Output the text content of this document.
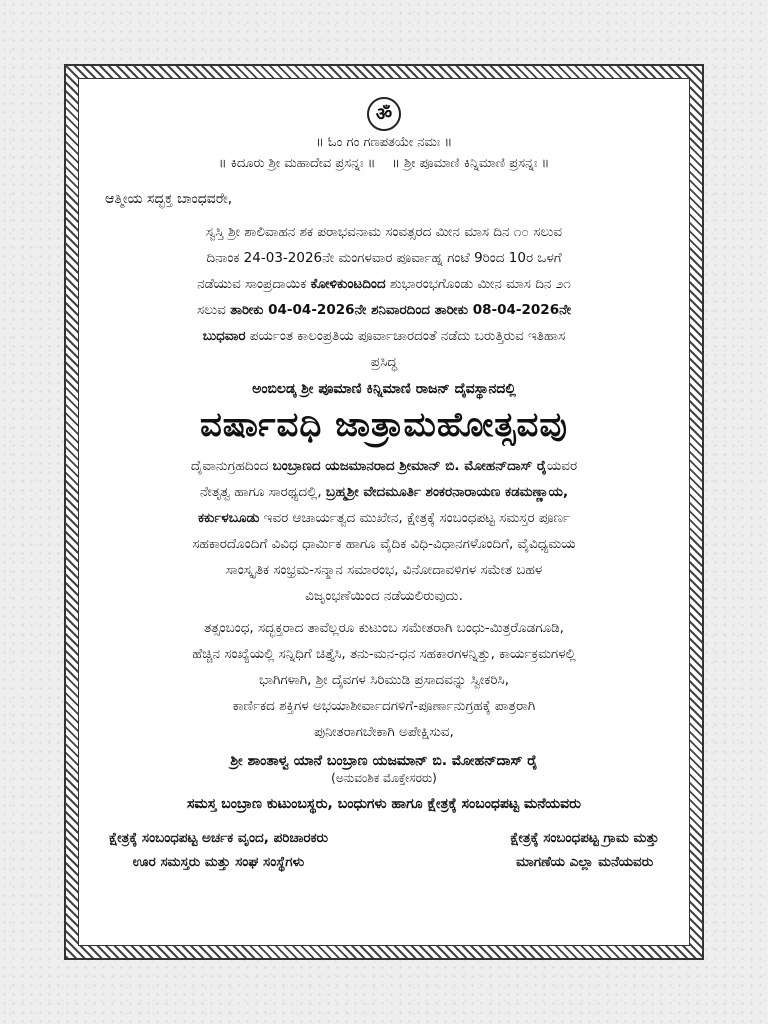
ॐ
॥ ಓಂ ಗಂ ಗಣಪತಯೇ ನಮಃ ॥
॥ ಕಿದೂರು ಶ್ರೀ ಮಹಾದೇವ ಪ್ರಸನ್ನಃ ॥ ॥ ಶ್ರೀ ಪೂಮಾಣಿ ಕಿನ್ನಿಮಾಣಿ ಪ್ರಸನ್ನಃ ॥
ಆತ್ಮೀಯ ಸದ್ಭಕ್ತ ಬಾಂಧವರೇ,

ಸ್ವಸ್ತಿ ಶ್ರೀ ಶಾಲಿವಾಹನ ಶಕ ಪರಾಭವನಾಮ ಸಂವತ್ಸರದ ಮೀನ ಮಾಸ ದಿನ ೧೦ ಸಲುವ
ದಿನಾಂಕ 24-03-2026ನೇ ಮಂಗಳವಾರ ಪೂರ್ವಾಹ್ನ ಗಂಟೆ 9ರಿಂದ 10ರ ಒಳಗೆ
ನಡೆಯುವ ಸಾಂಪ್ರದಾಯಿಕ ಕೋಳಿಕುಂಟದಿಂದ ಶುಭಾರಂಭಗೊಂಡು ಮೀನ ಮಾಸ ದಿನ ೨೧
ಸಲುವ ತಾರೀಕು 04-04-2026ನೇ ಶನಿವಾರದಿಂದ ತಾರೀಕು 08-04-2026ನೇ
ಬುಧವಾರ ಪರ್ಯಂತ ಕಾಲಂಪ್ರತಿಯ ಪೂರ್ವಾಚಾರದಂತೆ ನಡೆದು ಬರುತ್ತಿರುವ ಇತಿಹಾಸ
ಪ್ರಸಿದ್ಧ

ಅಂಬಿಲಡ್ಕ ಶ್ರೀ ಪೂಮಾಣಿ ಕಿನ್ನಿಮಾಣಿ ರಾಜನ್ ದೈವಸ್ಥಾನದಲ್ಲಿ
ವರ್ಷಾವಧಿ ಜಾತ್ರಾಮಹೋತ್ಸವವು

ದೈವಾನುಗ್ರಹದಿಂದ ಬಂಬ್ರಾಣದ ಯಜಮಾನರಾದ ಶ್ರೀಮಾನ್ ಬಿ. ಮೋಹನ್‌ದಾಸ್ ರೈಯವರ
ನೇತೃತ್ವ ಹಾಗೂ ಸಾರಥ್ಯದಲ್ಲಿ, ಬ್ರಹ್ಮಶ್ರೀ ವೇದಮೂರ್ತಿ ಶಂಕರನಾರಾಯಣ ಕಡಮಣ್ಣಾಯ,
ಕರ್ಕುಳಬೂಡು ಇವರ ಆಚಾರ್ಯತ್ವದ ಮುಖೇನ, ಕ್ಷೇತ್ರಕ್ಕೆ ಸಂಬಂಧಪಟ್ಟ ಸಮಸ್ತರ ಪೂರ್ಣ
ಸಹಕಾರದೊಂದಿಗೆ ವಿವಿಧ ಧಾರ್ಮಿಕ ಹಾಗೂ ವೈದಿಕ ವಿಧಿ-ವಿಧಾನಗಳೊಂದಿಗೆ, ವೈವಿಧ್ಯಮಯ
ಸಾಂಸ್ಕೃತಿಕ ಸಂಭ್ರಮ-ಸನ್ಮಾನ ಸಮಾರಂಭ, ವಿನೋದಾವಳಿಗಳ ಸಮೇತ ಬಹಳ
ವಿಜೃಂಭಣೆಯಿಂದ ನಡೆಯಲಿರುವುದು.

ತತ್ಸಂಬಂಧ, ಸದ್ಭಕ್ತರಾದ ತಾವೆಲ್ಲರೂ ಕುಟುಂಬ ಸಮೇತರಾಗಿ ಬಂಧು-ಮಿತ್ರರೊಡಗೂಡಿ,
ಹೆಚ್ಚಿನ ಸಂಖ್ಯೆಯಲ್ಲಿ ಸನ್ನಿಧಿಗೆ ಚಿತ್ತೈಸಿ, ತನು-ಮನ-ಧನ ಸಹಕಾರಗಳನ್ನಿತ್ತು, ಕಾರ್ಯಕ್ರಮಗಳಲ್ಲಿ
ಭಾಗಿಗಳಾಗಿ, ಶ್ರೀ ದೈವಗಳ ಸಿರಿಮುಡಿ ಪ್ರಸಾದವನ್ನು ಸ್ವೀಕರಿಸಿ,
ಕಾರ್ಣಿಕದ ಶಕ್ತಿಗಳ ಅಭಯಾಶೀರ್ವಾದಗಳಿಗೆ-ಪೂರ್ಣಾನುಗ್ರಹಕ್ಕೆ ಪಾತ್ರರಾಗಿ
ಪುನೀತರಾಗಬೇಕಾಗಿ ಅಪೇಕ್ಷಿಸುವ,

ಶ್ರೀ ಶಾಂತಾಳ್ವ ಯಾನೆ ಬಂಬ್ರಾಣ ಯಜಮಾನ್ ಬಿ. ಮೋಹನ್‌ದಾಸ್ ರೈ
(ಅನುವಂಶಿಕ ಮೊಕ್ತೇಸರರು)
ಸಮಸ್ತ ಬಂಬ್ರಾಣ ಕುಟುಂಬಸ್ಥರು, ಬಂಧುಗಳು ಹಾಗೂ ಕ್ಷೇತ್ರಕ್ಕೆ ಸಂಬಂಧಪಟ್ಟ ಮನೆಯವರು
ಕ್ಷೇತ್ರಕ್ಕೆ ಸಂಬಂಧಪಟ್ಟ ಅರ್ಚಕ ವೃಂದ, ಪರಿಚಾರಕರು
ಊರ ಸಮಸ್ತರು ಮತ್ತು ಸಂಘ ಸಂಸ್ಥೆಗಳು
ಕ್ಷೇತ್ರಕ್ಕೆ ಸಂಬಂಧಪಟ್ಟ ಗ್ರಾಮ ಮತ್ತು
ಮಾಗಣೆಯ ಎಲ್ಲಾ ಮನೆಯವರು
